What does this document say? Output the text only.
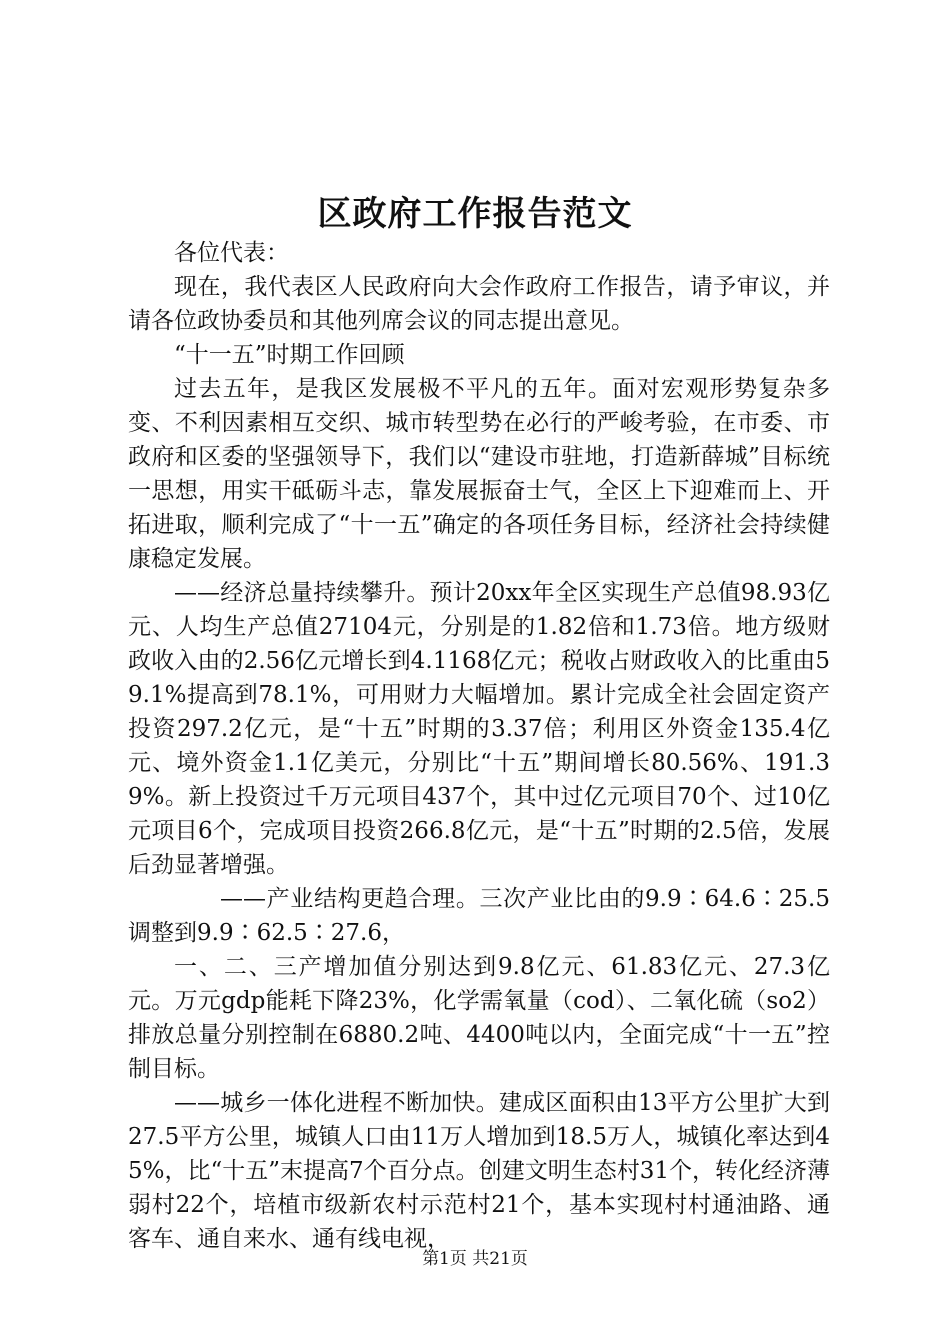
区政府工作报告范文

各位代表：

现在，我代表区人民政府向大会作政府工作报告，请予审议，并请各位政协委员和其他列席会议的同志提出意见。

“十一五”时期工作回顾

过去五年，是我区发展极不平凡的五年。面对宏观形势复杂多变、不利因素相互交织、城市转型势在必行的严峻考验，在市委、市政府和区委的坚强领导下，我们以“建设市驻地，打造新薛城”目标统一思想，用实干砥砺斗志，靠发展振奋士气，全区上下迎难而上、开拓进取，顺利完成了“十一五”确定的各项任务目标，经济社会持续健康稳定发展。

——经济总量持续攀升。预计20xx年全区实现生产总值98.93亿元、人均生产总值27104元，分别是的1.82倍和1.73倍。地方级财政收入由的2.56亿元增长到4.1168亿元；税收占财政收入的比重由59.1%提高到78.1%，可用财力大幅增加。累计完成全社会固定资产投资297.2亿元，是“十五”时期的3.37倍；利用区外资金135.4亿元、境外资金1.1亿美元，分别比“十五”期间增长80.56%、191.39%。新上投资过千万元项目437个，其中过亿元项目70个、过10亿元项目6个，完成项目投资266.8亿元，是“十五”时期的2.5倍，发展后劲显著增强。

——产业结构更趋合理。三次产业比由的9.9∶64.6∶25.5调整到9.9∶62.5∶27.6，

一、二、三产增加值分别达到9.8亿元、61.83亿元、27.3亿元。万元gdp能耗下降23%，化学需氧量（cod）、二氧化硫（so2）排放总量分别控制在6880.2吨、4400吨以内，全面完成“十一五”控制目标。

——城乡一体化进程不断加快。建成区面积由13平方公里扩大到27.5平方公里，城镇人口由11万人增加到18.5万人，城镇化率达到45%，比“十五”末提高7个百分点。创建文明生态村31个，转化经济薄弱村22个，培植市级新农村示范村21个，基本实现村村通油路、通客车、通自来水、通有线电视，

第1页 共21页
